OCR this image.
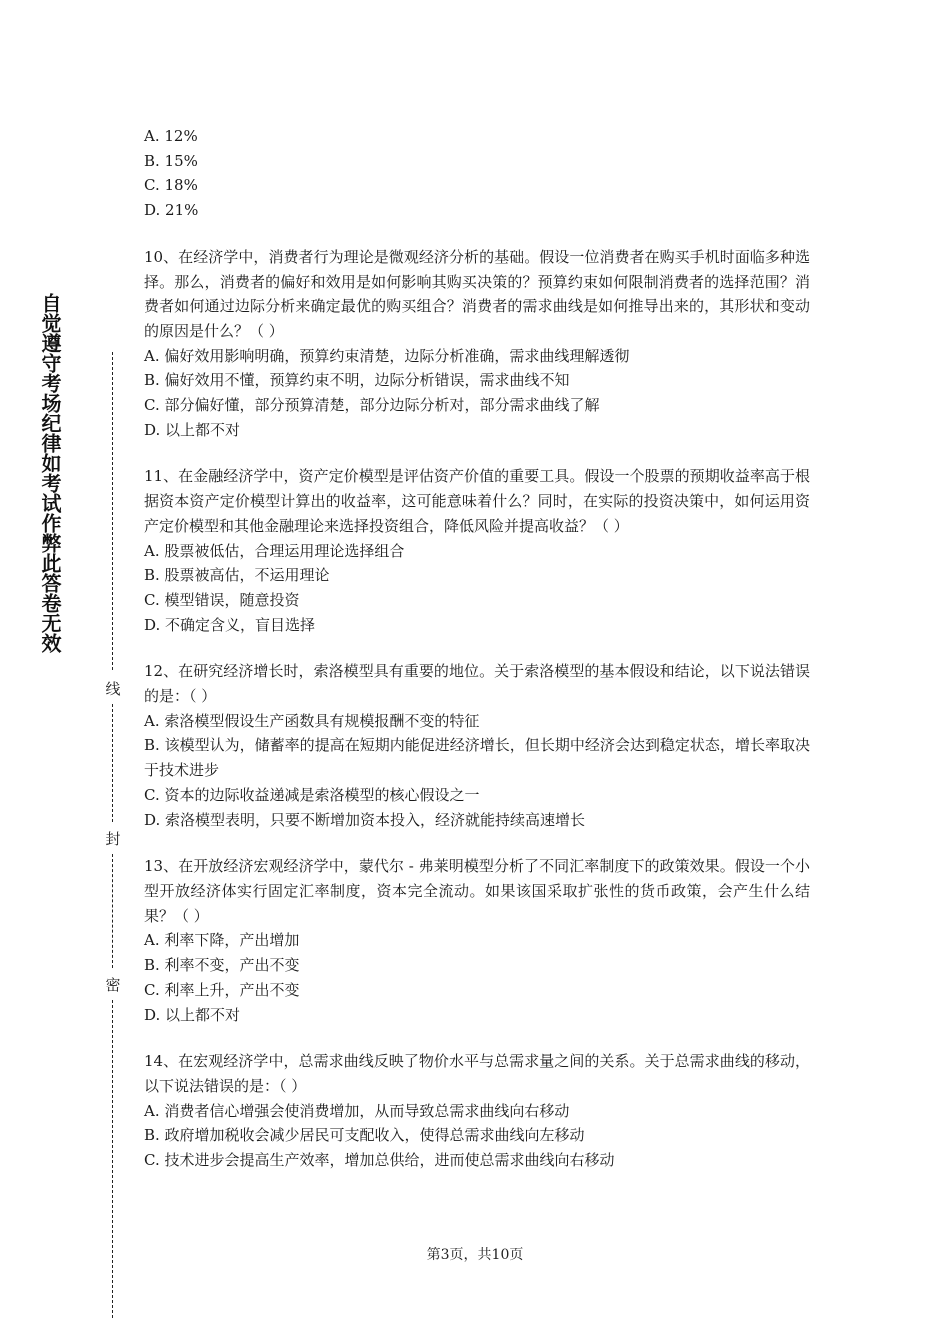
自觉遵守考场纪律如考试作弊此答卷无效
线
封
密

A. 12%

B. 15%

C. 18%

D. 21%

10、在经济学中，消费者行为理论是微观经济分析的基础。假设一位消费者在购买手机时面临多种选择。那么，消费者的偏好和效用是如何影响其购买决策的？预算约束如何限制消费者的选择范围？消费者如何通过边际分析来确定最优的购买组合？消费者的需求曲线是如何推导出来的，其形状和变动的原因是什么？（ ）

A. 偏好效用影响明确，预算约束清楚，边际分析准确，需求曲线理解透彻

B. 偏好效用不懂，预算约束不明，边际分析错误，需求曲线不知

C. 部分偏好懂，部分预算清楚，部分边际分析对，部分需求曲线了解

D. 以上都不对

11、在金融经济学中，资产定价模型是评估资产价值的重要工具。假设一个股票的预期收益率高于根据资本资产定价模型计算出的收益率，这可能意味着什么？同时，在实际的投资决策中，如何运用资产定价模型和其他金融理论来选择投资组合，降低风险并提高收益？（ ）

A. 股票被低估，合理运用理论选择组合

B. 股票被高估，不运用理论

C. 模型错误，随意投资

D. 不确定含义，盲目选择

12、在研究经济增长时，索洛模型具有重要的地位。关于索洛模型的基本假设和结论，以下说法错误的是：（ ）

A. 索洛模型假设生产函数具有规模报酬不变的特征

B. 该模型认为，储蓄率的提高在短期内能促进经济增长，但长期中经济会达到稳定状态，增长率取决于技术进步

C. 资本的边际收益递减是索洛模型的核心假设之一

D. 索洛模型表明，只要不断增加资本投入，经济就能持续高速增长

13、在开放经济宏观经济学中，蒙代尔 - 弗莱明模型分析了不同汇率制度下的政策效果。假设一个小型开放经济体实行固定汇率制度，资本完全流动。如果该国采取扩张性的货币政策，会产生什么结果？（ ）

A. 利率下降，产出增加

B. 利率不变，产出不变

C. 利率上升，产出不变

D. 以上都不对

14、在宏观经济学中，总需求曲线反映了物价水平与总需求量之间的关系。关于总需求曲线的移动，以下说法错误的是：（ ）

A. 消费者信心增强会使消费增加，从而导致总需求曲线向右移动

B. 政府增加税收会减少居民可支配收入，使得总需求曲线向左移动

C. 技术进步会提高生产效率，增加总供给，进而使总需求曲线向右移动

第3页，共10页
